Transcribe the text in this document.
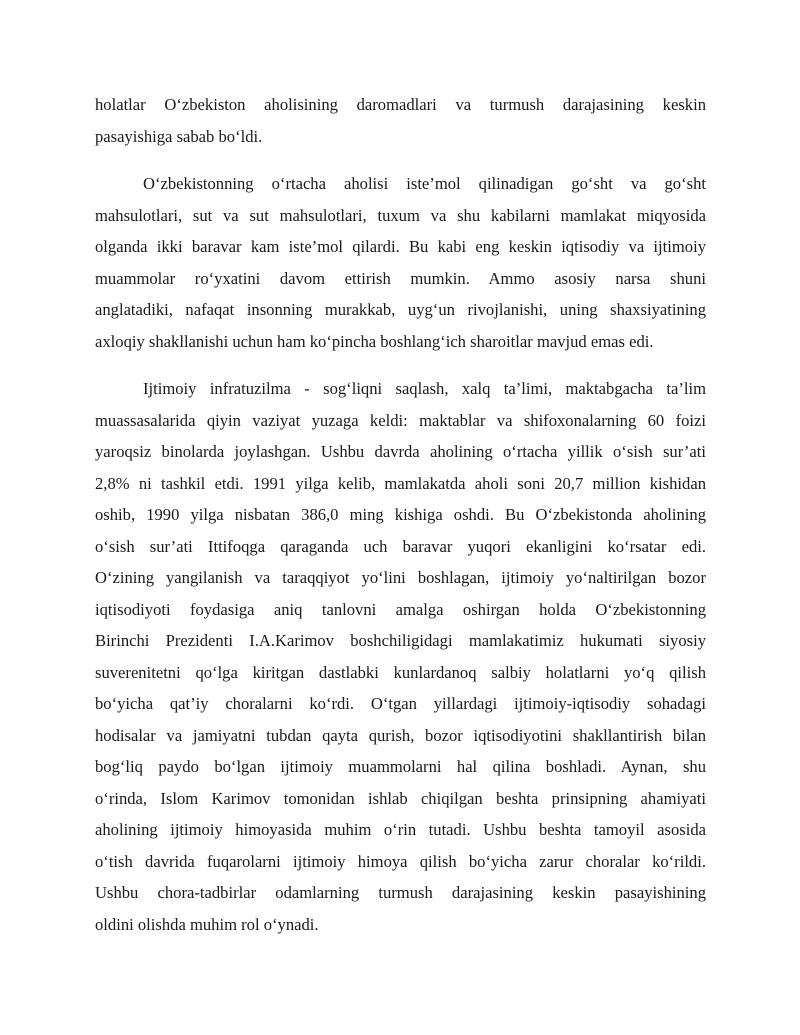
holatlar O‘zbekiston aholisining daromadlari va turmush darajasining keskin
pasayishiga sabab bo‘ldi.

O‘zbekistonning o‘rtacha aholisi iste’mol qilinadigan go‘sht va go‘sht
mahsulotlari, sut va sut mahsulotlari, tuxum va shu kabilarni mamlakat miqyosida
olganda ikki baravar kam iste’mol qilardi. Bu kabi eng keskin iqtisodiy va ijtimoiy
muammolar ro‘yxatini davom ettirish mumkin. Ammo asosiy narsa shuni
anglatadiki, nafaqat insonning murakkab, uyg‘un rivojlanishi, uning shaxsiyatining
axloqiy shakllanishi uchun ham ko‘pincha boshlang‘ich sharoitlar mavjud emas edi.

Ijtimoiy infratuzilma - sog‘liqni saqlash, xalq ta’limi, maktabgacha ta’lim
muassasalarida qiyin vaziyat yuzaga keldi: maktablar va shifoxonalarning 60 foizi
yaroqsiz binolarda joylashgan. Ushbu davrda aholining o‘rtacha yillik o‘sish sur’ati
2,8% ni tashkil etdi. 1991 yilga kelib, mamlakatda aholi soni 20,7 million kishidan
oshib, 1990 yilga nisbatan 386,0 ming kishiga oshdi. Bu O‘zbekistonda aholining
o‘sish sur’ati Ittifoqga qaraganda uch baravar yuqori ekanligini ko‘rsatar edi.
O‘zining yangilanish va taraqqiyot yo‘lini boshlagan, ijtimoiy yo‘naltirilgan bozor
iqtisodiyoti foydasiga aniq tanlovni amalga oshirgan holda O‘zbekistonning
Birinchi Prezidenti I.A.Karimov boshchiligidagi mamlakatimiz hukumati siyosiy
suverenitetni qo‘lga kiritgan dastlabki kunlardanoq salbiy holatlarni yo‘q qilish
bo‘yicha qat’iy choralarni ko‘rdi. O‘tgan yillardagi ijtimoiy-iqtisodiy sohadagi
hodisalar va jamiyatni tubdan qayta qurish, bozor iqtisodiyotini shakllantirish bilan
bog‘liq paydo bo‘lgan ijtimoiy muammolarni hal qilina boshladi. Aynan, shu
o‘rinda, Islom Karimov tomonidan ishlab chiqilgan beshta prinsipning ahamiyati
aholining ijtimoiy himoyasida muhim o‘rin tutadi. Ushbu beshta tamoyil asosida
o‘tish davrida fuqarolarni ijtimoiy himoya qilish bo‘yicha zarur choralar ko‘rildi.
Ushbu chora-tadbirlar odamlarning turmush darajasining keskin pasayishining
oldini olishda muhim rol o‘ynadi.
